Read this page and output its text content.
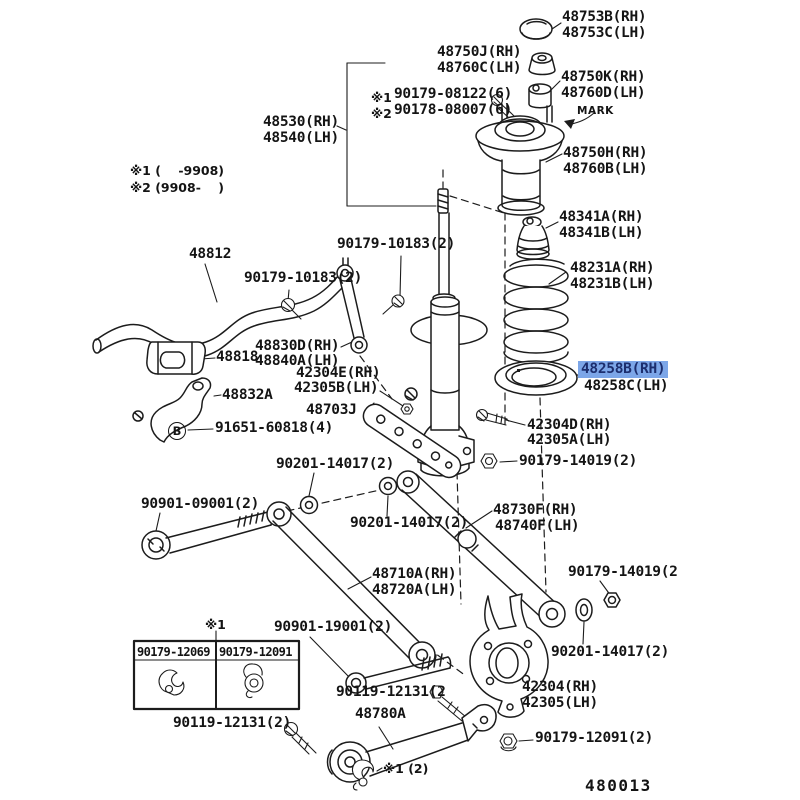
48753B(RH)
48753C(LH)
48750J(RH)
48760C(LH)
48750K(RH)
48760D(LH)
※1 90179-08122(6)
※2 90178-08007(6)
48530(RH)
48540(LH)
MARK
48750H(RH)
48760B(LH)
※1 (    -9908)
※2 (9908-    )
48341A(RH)
48341B(LH)
90179-10183(2)
48812
48231A(RH)
48231B(LH)
90179-10183(2)
48830D(RH)
48818
48840A(LH)
42304E(RH)
42305B(LH)
48258B(RH)
48258C(LH)
48832A
48703J
B	91651-60818(4)	42304D(RH)
42305A(LH)
90179-14019(2)
90201-14017(2)
90901-09001(2)	48730F(RH)
48740F(LH)
90201-14017(2)
48710A(RH)
48720A(LH)
90179-14019(2
90901-19001(2)
※1
90201-14017(2)
90179-12069 90179-12091
90119-12131(2	42304(RH)
42305(LH)
90119-12131(2)
48780A
※1 (2)
90179-12091(2)
480013
